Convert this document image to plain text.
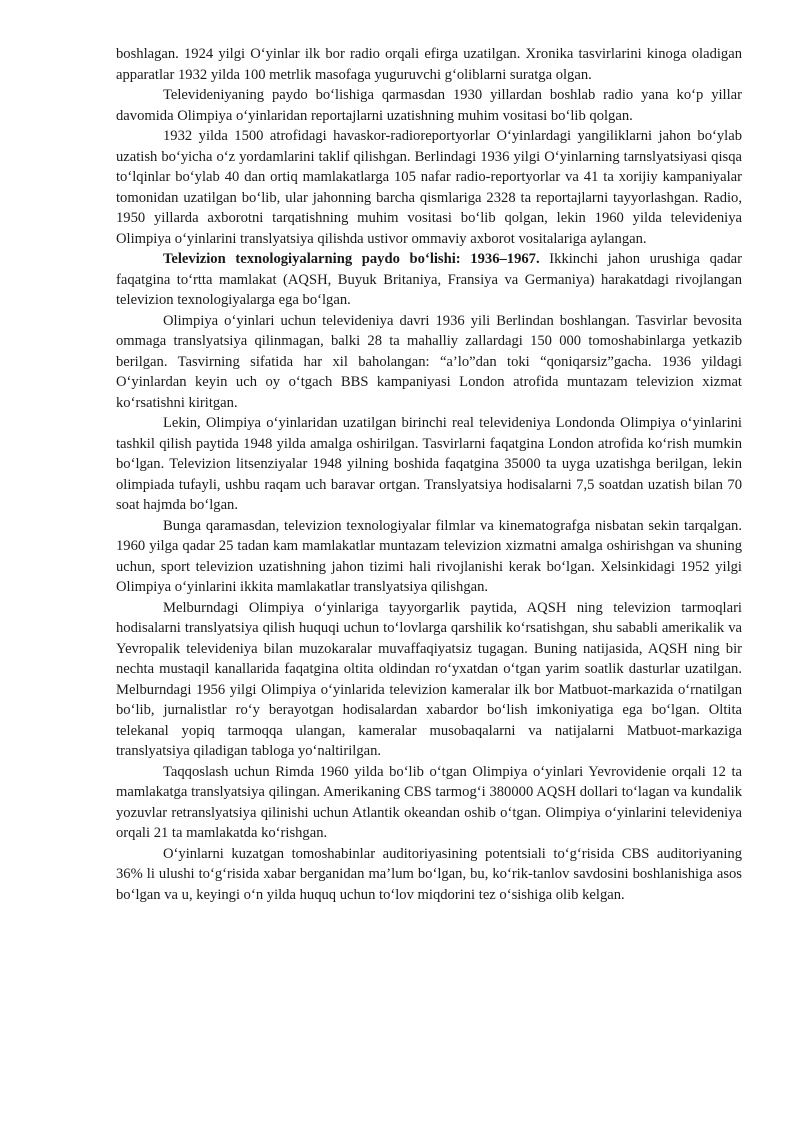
boshlagan. 1924 yilgi O‘yinlar ilk bor radio orqali efirga uzatilgan. Xronika tasvirlarini kinoga oladigan apparatlar 1932 yilda 100 metrlik masofaga yuguruvchi g‘oliblarni suratga olgan.

Televideniyaning paydo bo‘lishiga qarmasdan 1930 yillardan boshlab radio yana ko‘p yillar davomida Olimpiya o‘yinlaridan reportajlarni uzatishning muhim vositasi bo‘lib qolgan.

1932 yilda 1500 atrofidagi havaskor-radioreportyorlar O‘yinlardagi yangiliklarni jahon bo‘ylab uzatish bo‘yicha o‘z yordamlarini taklif qilishgan. Berlindagi 1936 yilgi O‘yinlarning tarnslyatsiyasi qisqa to‘lqinlar bo‘ylab 40 dan ortiq mamlakatlarga 105 nafar radio-reportyorlar va 41 ta xorijiy kampaniyalar tomonidan uzatilgan bo‘lib, ular jahonning barcha qismlariga 2328 ta reportajlarni tayyorlashgan. Radio, 1950 yillarda axborotni tarqatishning muhim vositasi bo‘lib qolgan, lekin 1960 yilda televideniya Olimpiya o‘yinlarini translyatsiya qilishda ustivor ommaviy axborot vositalariga aylangan.

Televizion texnologiyalarning paydo bo‘lishi: 1936–1967. Ikkinchi jahon urushiga qadar faqatgina to‘rtta mamlakat (AQSH, Buyuk Britaniya, Fransiya va Germaniya) harakatdagi rivojlangan televizion texnologiyalarga ega bo‘lgan.

Olimpiya o‘yinlari uchun televideniya davri 1936 yili Berlindan boshlangan. Tasvirlar bevosita ommaga translyatsiya qilinmagan, balki 28 ta mahalliy zallardagi 150 000 tomoshabinlarga yetkazib berilgan. Tasvirning sifatida har xil baholangan: “a’lo”dan toki “qoniqarsiz”gacha. 1936 yildagi O‘yinlardan keyin uch oy o‘tgach BBS kampaniyasi London atrofida muntazam televizion xizmat ko‘rsatishni kiritgan.

Lekin, Olimpiya o‘yinlaridan uzatilgan birinchi real televideniya Londonda Olimpiya o‘yinlarini tashkil qilish paytida 1948 yilda amalga oshirilgan. Tasvirlarni faqatgina London atrofida ko‘rish mumkin bo‘lgan. Televizion litsenziyalar 1948 yilning boshida faqatgina 35000 ta uyga uzatishga berilgan, lekin olimpiada tufayli, ushbu raqam uch baravar ortgan. Translyatsiya hodisalarni 7,5 soatdan uzatish bilan 70 soat hajmda bo‘lgan.

Bunga qaramasdan, televizion texnologiyalar filmlar va kinematografga nisbatan sekin tarqalgan. 1960 yilga qadar 25 tadan kam mamlakatlar muntazam televizion xizmatni amalga oshirishgan va shuning uchun, sport televizion uzatishning jahon tizimi hali rivojlanishi kerak bo‘lgan. Xelsinkidagi 1952 yilgi Olimpiya o‘yinlarini ikkita mamlakatlar translyatsiya qilishgan.

Melburndagi Olimpiya o‘yinlariga tayyorgarlik paytida, AQSH ning televizion tarmoqlari hodisalarni translyatsiya qilish huquqi uchun to‘lovlarga qarshilik ko‘rsatishgan, shu sababli amerikalik va Yevropalik televideniya bilan muzokaralar muvaffaqiyatsiz tugagan. Buning natijasida, AQSH ning bir nechta mustaqil kanallarida faqatgina oltita oldindan ro‘yxatdan o‘tgan yarim soatlik dasturlar uzatilgan. Melburndagi 1956 yilgi Olimpiya o‘yinlarida televizion kameralar ilk bor Matbuot-markazida o‘rnatilgan bo‘lib, jurnalistlar ro‘y berayotgan hodisalardan xabardor bo‘lish imkoniyatiga ega bo‘lgan. Oltita telekanal yopiq tarmoqqa ulangan, kameralar musobaqalarni va natijalarni Matbuot-markaziga translyatsiya qiladigan tabloga yo‘naltirilgan.

Taqqoslash uchun Rimda 1960 yilda bo‘lib o‘tgan Olimpiya o‘yinlari Yevrovidenie orqali 12 ta mamlakatga translyatsiya qilingan. Amerikaning CBS tarmog‘i 380000 AQSH dollari to‘lagan va kundalik yozuvlar retranslyatsiya qilinishi uchun Atlantik okeandan oshib o‘tgan. Olimpiya o‘yinlarini televideniya orqali 21 ta mamlakatda ko‘rishgan.

O‘yinlarni kuzatgan tomoshabinlar auditoriyasining potentsiali to‘g‘risida CBS auditoriyaning 36% li ulushi to‘g‘risida xabar berganidan ma’lum bo‘lgan, bu, ko‘rik-tanlov savdosini boshlanishiga asos bo‘lgan va u, keyingi o‘n yilda huquq uchun to‘lov miqdorini tez o‘sishiga olib kelgan.
